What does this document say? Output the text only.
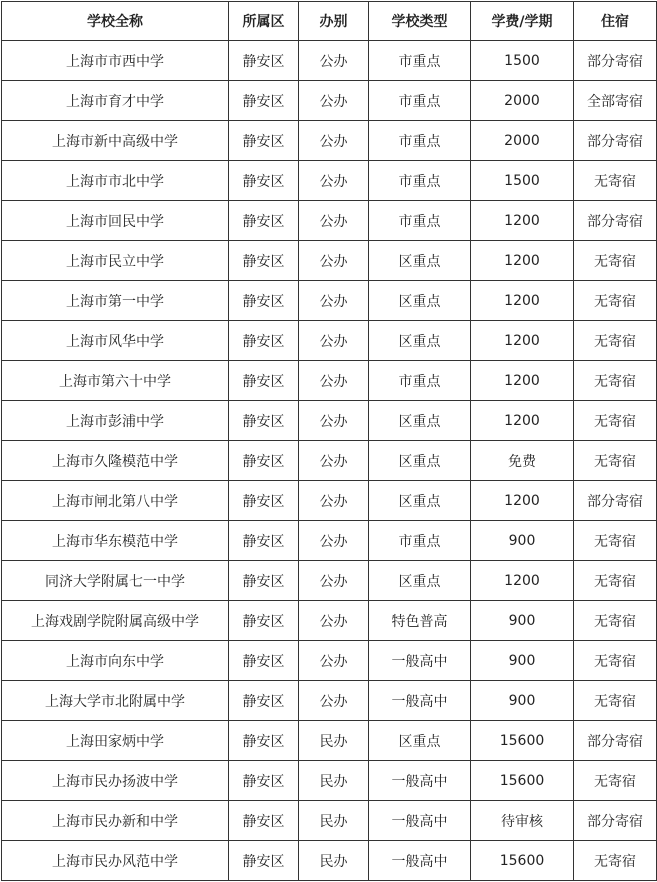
学校全称	所属区	办别	学校类型	学费/学期	住宿
上海市市西中学	静安区	公办	市重点	1500	部分寄宿
上海市育才中学	静安区	公办	市重点	2000	全部寄宿
上海市新中高级中学	静安区	公办	市重点	2000	部分寄宿
上海市市北中学	静安区	公办	市重点	1500	无寄宿
上海市回民中学	静安区	公办	市重点	1200	部分寄宿
上海市民立中学	静安区	公办	区重点	1200	无寄宿
上海市第一中学	静安区	公办	区重点	1200	无寄宿
上海市风华中学	静安区	公办	区重点	1200	无寄宿
上海市第六十中学	静安区	公办	市重点	1200	无寄宿
上海市彭浦中学	静安区	公办	区重点	1200	无寄宿
上海市久隆模范中学	静安区	公办	区重点	免费	无寄宿
上海市闸北第八中学	静安区	公办	区重点	1200	部分寄宿
上海市华东模范中学	静安区	公办	市重点	900	无寄宿
同济大学附属七一中学	静安区	公办	区重点	1200	无寄宿
上海戏剧学院附属高级中学	静安区	公办	特色普高	900	无寄宿
上海市向东中学	静安区	公办	一般高中	900	无寄宿
上海大学市北附属中学	静安区	公办	一般高中	900	无寄宿
上海田家炳中学	静安区	民办	区重点	15600	部分寄宿
上海市民办扬波中学	静安区	民办	一般高中	15600	无寄宿
上海市民办新和中学	静安区	民办	一般高中	待审核	部分寄宿
上海市民办风范中学	静安区	民办	一般高中	15600	无寄宿
